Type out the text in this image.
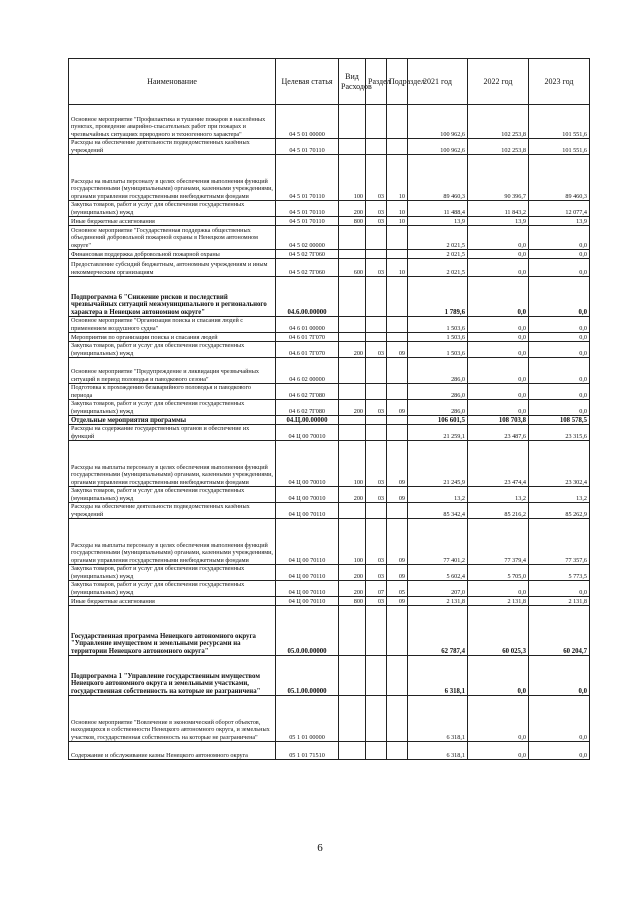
Наименование	Целевая статья	Вид Расходов	Раздел	Подраздел	2021 год	2022 год	2023 год
Основное мероприятие "Профилактика и тушение пожаров в населённых пунктах, проведение аварийно-спасательных работ при пожарах и чрезвычайных ситуациях природного и техногенного характера"	04 5 01 00000				100 962,6	102 253,8	101 551,6
Расходы на обеспечение деятельности подведомственных казённых учреждений	04 5 01 70110				100 962,6	102 253,8	101 551,6
Расходы на выплаты персоналу в целях обеспечения выполнения функций государственными (муниципальными) органами, казенными учреждениями, органами управления государственными внебюджетными фондами	04 5 01 70110	100	03	10	89 460,3	90 396,7	89 460,3
Закупка товаров, работ и услуг для обеспечения государственных (муниципальных) нужд	04 5 01 70110	200	03	10	11 488,4	11 843,2	12 077,4
Иные бюджетные ассигнования	04 5 01 70110	800	03	10	13,9	13,9	13,9
Основное мероприятие "Государственная поддержка общественных объединений добровольной пожарной охраны в Ненецком автономном округе"	04 5 02 00000				2 021,5	0,0	0,0
Финансовая поддержка добровольной пожарной охраны	04 5 02 7Г060				2 021,5	0,0	0,0
Предоставление субсидий бюджетным, автономным учреждениям и иным некоммерческим организациям	04 5 02 7Г060	600	03	10	2 021,5	0,0	0,0
Подпрограмма 6 "Снижение рисков и последствий чрезвычайных ситуаций межмуниципального и регионального характера в Ненецком автономном округе"	04.6.00.00000				1 789,6	0,0	0,0
Основное мероприятие "Организация поиска и спасания людей с применением воздушного судна"	04 6 01 00000				1 503,6	0,0	0,0
Мероприятия по организации поиска и спасания людей	04 6 01 7Г070				1 503,6	0,0	0,0
Закупка товаров, работ и услуг для обеспечения государственных (муниципальных) нужд	04.6 01 7Г070	200	03	09	1 503,6	0,0	0,0
Основное мероприятие "Предупреждение и ликвидация чрезвычайных ситуаций в период половодья и паводкового сезона"	04 6 02 00000				286,0	0,0	0,0
Подготовка к прохождению безаварийного половодья и паводкового периода	04 6 02 7Г080				286,0	0,0	0,0
Закупка товаров, работ и услуг для обеспечения государственных (муниципальных) нужд	04 6 02 7Г080	200	03	09	286,0	0,0	0,0
Отдельные мероприятия программы	04.Ц.00.00000				106 601,5	108 703,8	108 578,5
Расходы на содержание государственных органов и обеспечение их функций	04 Ц 00 70010				21 259,1	23 487,6	23 315,6
Расходы на выплаты персоналу в целях обеспечения выполнения функций государственными (муниципальными) органами, казенными учреждениями, органами управления государственными внебюджетными фондами	04 Ц 00 70010	100	03	09	21 245,9	23 474,4	23 302,4
Закупка товаров, работ и услуг для обеспечения государственных (муниципальных) нужд	04 Ц 00 70010	200	03	09	13,2	13,2	13,2
Расходы на обеспечение деятельности подведомственных казённых учреждений	04 Ц 00 70110				85 342,4	85 216,2	85 262,9
Расходы на выплаты персоналу в целях обеспечения выполнения функций государственными (муниципальными) органами, казенными учреждениями, органами управления государственными внебюджетными фондами	04 Ц 00 70110	100	03	09	77 401,2	77 379,4	77 357,6
Закупка товаров, работ и услуг для обеспечения государственных (муниципальных) нужд	04 Ц 00 70110	200	03	09	5 602,4	5 705,0	5 773,5
Закупка товаров, работ и услуг для обеспечения государственных (муниципальных) нужд	04 Ц 00 70110	200	07	05	207,0	0,0	0,0
Иные бюджетные ассигнования	04 Ц 00 70110	800	03	09	2 131,8	2 131,8	2 131,8
Государственная программа Ненецкого автономного округа "Управление имуществом и земельными ресурсами на территории Ненецкого автономного округа"	05.0.00.00000				62 787,4	60 025,3	60 204,7
Подпрограмма 1 "Управление государственным имуществом Ненецкого автономного округа и земельными участками, государственная собственность на которые не разграничена"	05.1.00.00000				6 318,1	0,0	0,0
Основное мероприятие "Вовлечение в экономический оборот объектов, находящихся в собственности Ненецкого автономного округа, и земельных участков, государственная собственность на которые не разграничена"	05 1 01 00000				6 318,1	0,0	0,0
Содержание и обслуживание казны Ненецкого автономного округа	05 1 01 71510				6 318,1	0,0	0,0
6
